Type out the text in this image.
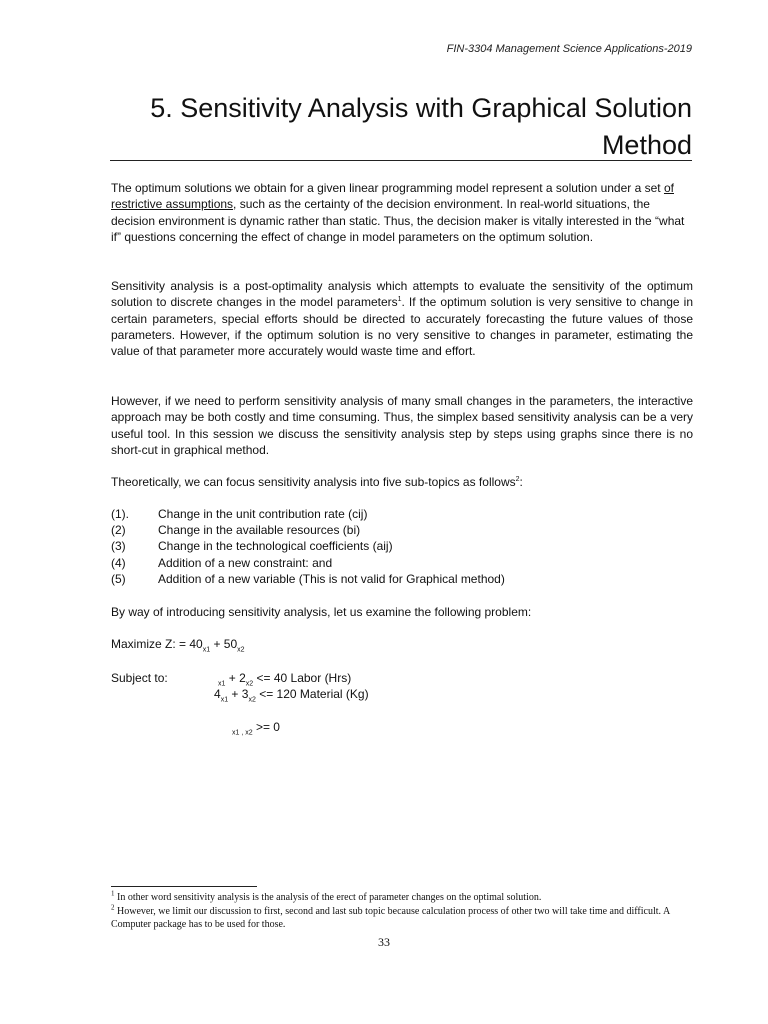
FIN-3304 Management Science Applications-2019
5. Sensitivity Analysis with Graphical Solution
Method
The optimum solutions we obtain for a given linear programming model represent a solution under a set of restrictive assumptions, such as the certainty of the decision environment. In real-world situations, the decision environment is dynamic rather than static. Thus, the decision maker is vitally interested in the “what if” questions concerning the effect of change in model parameters on the optimum solution.
Sensitivity analysis is a post-optimality analysis which attempts to evaluate the sensitivity of the optimum solution to discrete changes in the model parameters$^1$. If the optimum solution is very sensitive to change in certain parameters, special efforts should be directed to accurately forecasting the future values of those parameters. However, if the optimum solution is no very sensitive to changes in parameter, estimating the value of that parameter more accurately would waste time and effort.
However, if we need to perform sensitivity analysis of many small changes in the parameters, the interactive approach may be both costly and time consuming. Thus, the simplex based sensitivity analysis can be a very useful tool. In this session we discuss the sensitivity analysis step by steps using graphs since there is no short-cut in graphical method.
Theoretically, we can focus sensitivity analysis into five sub-topics as follows$^2$:
(1). Change in the unit contribution rate (cij)
(2)	Change in the available resources (bi)
(3)	Change in the technological coefficients (aij)
(4)	Addition of a new constraint: and
(5)	Addition of a new variable (This is not valid for Graphical method)
By way of introducing sensitivity analysis, let us examine the following problem:
Maximize Z: = $40_{x1} + 50_{x2}$
Subject to:	$_{x1} + 2_{x2} <= 40$ Labor (Hrs)
$4_{x1} + 3_{x2} <= 120$ Material (Kg)
$_{x1 , x2}$ >= 0
$^1$ In other word sensitivity analysis is the analysis of the erect of parameter changes on the optimal solution.
$^2$ However, we limit our discussion to first, second and last sub topic because calculation process of other two will take time and difficult. A Computer package has to be used for those.
33
